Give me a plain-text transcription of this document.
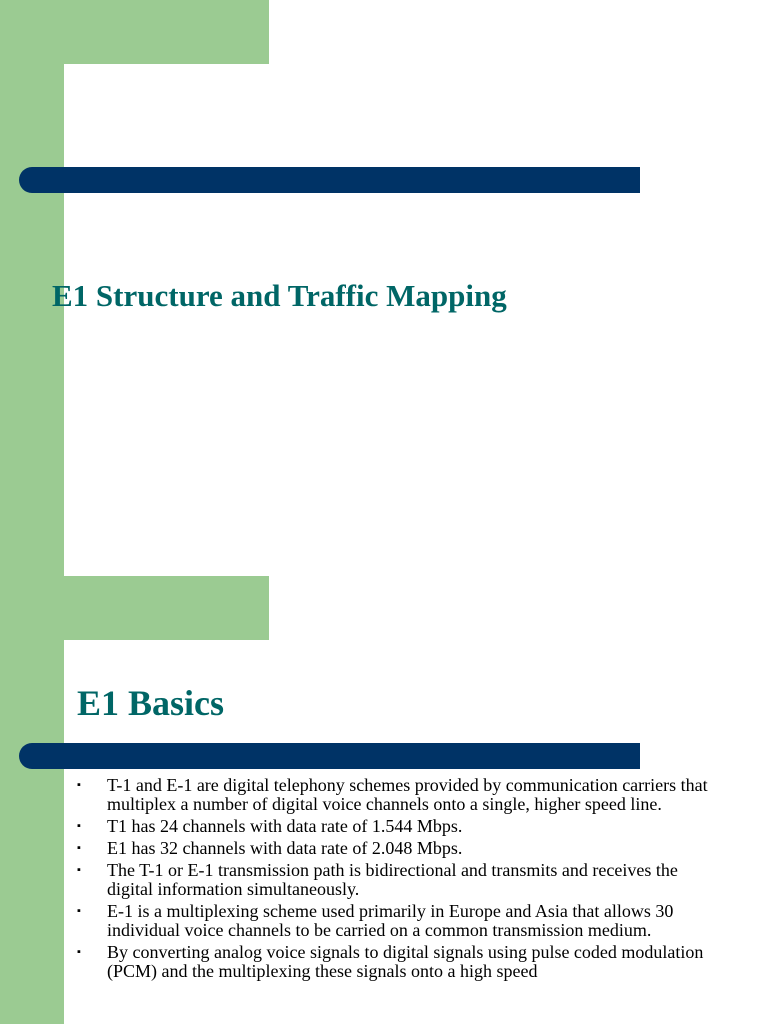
E1 Structure and Traffic Mapping
E1 Basics
▪ T-1 and E-1 are digital telephony schemes provided by communication carriers that multiplex a number of digital voice channels onto a single, higher speed line.
▪ T1 has 24 channels with data rate of 1.544 Mbps.
▪ E1 has 32 channels with data rate of 2.048 Mbps.
▪ The T-1 or E-1 transmission path is bidirectional and transmits and receives the digital information simultaneously.
▪ E-1 is a multiplexing scheme used primarily in Europe and Asia that allows 30 individual voice channels to be carried on a common transmission medium.
▪ By converting analog voice signals to digital signals using pulse coded modulation (PCM) and the multiplexing these signals onto a high speed
